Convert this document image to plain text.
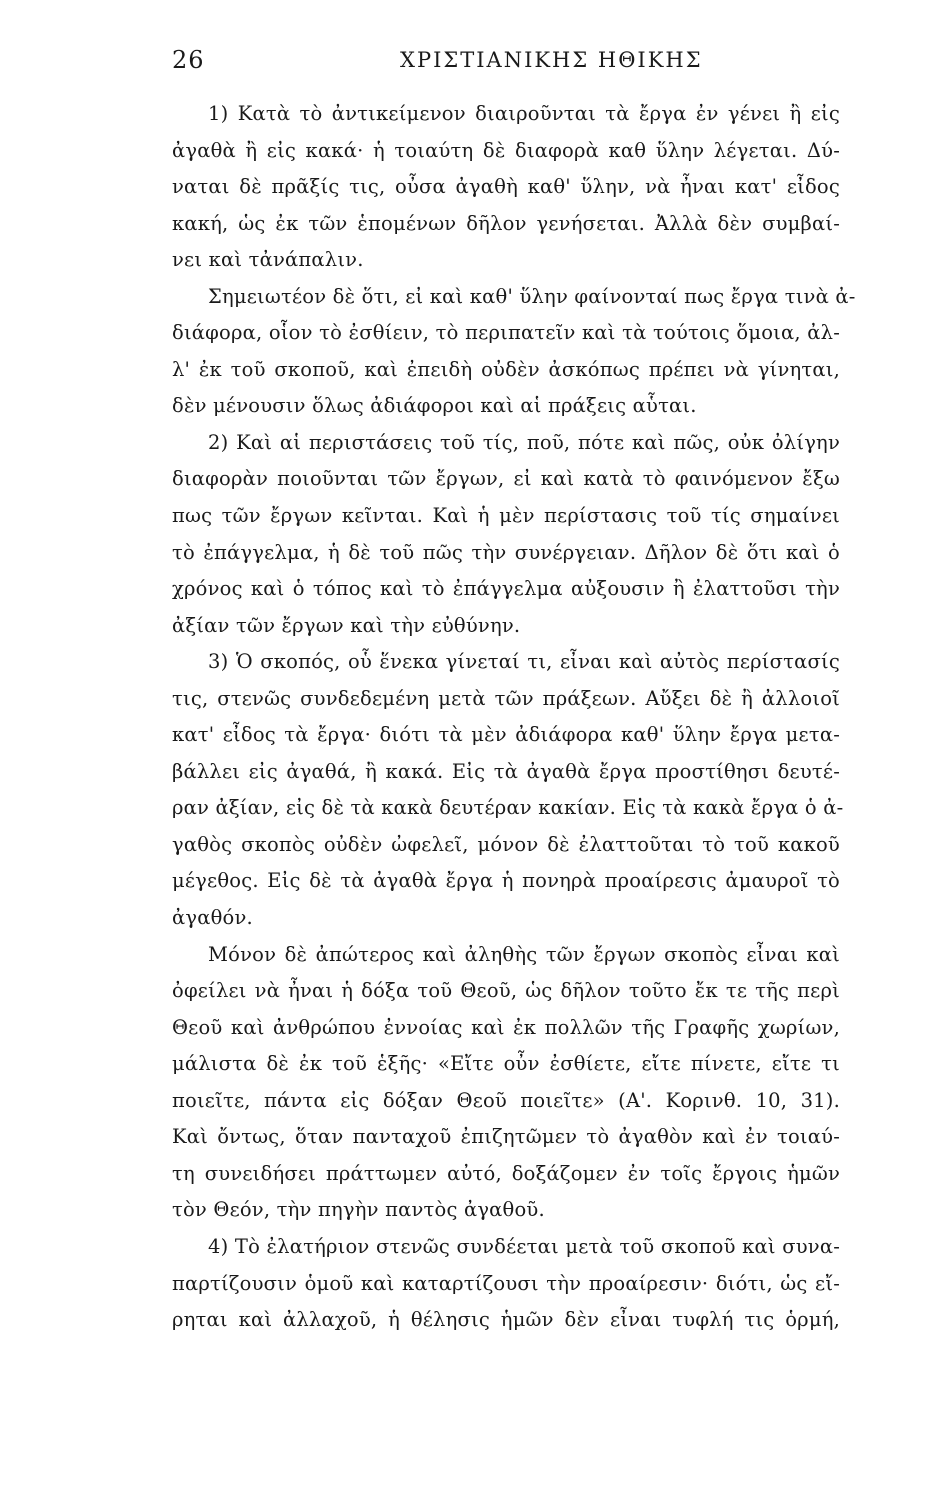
26	ΧΡΙΣΤΙΑΝΙΚΗΣ ΗΘΙΚΗΣ
1) Κατὰ τὸ ἀντικείμενον διαιροῦνται τὰ ἔργα ἐν γένει ἢ εἰς
ἀγαθὰ ἢ εἰς κακά· ἡ τοιαύτη δὲ διαφορὰ καθ ὕλην λέγεται. Δύ-
ναται δὲ πρᾶξίς τις, οὖσα ἀγαθὴ καθ' ὕλην, νὰ ἦναι κατ' εἶδος
κακή, ὡς ἐκ τῶν ἑπομένων δῆλον γενήσεται. Ἀλλὰ δὲν συμβαί-
νει καὶ τἀνάπαλιν.
Σημειωτέον δὲ ὅτι, εἰ καὶ καθ' ὕλην φαίνονταί πως ἔργα τινὰ ἀ-
διάφορα, οἷον τὸ ἐσθίειν, τὸ περιπατεῖν καὶ τὰ τούτοις ὅμοια, ἀλ-
λ' ἐκ τοῦ σκοποῦ, καὶ ἐπειδὴ οὐδὲν ἀσκόπως πρέπει νὰ γίνηται,
δὲν μένουσιν ὅλως ἀδιάφοροι καὶ αἱ πράξεις αὗται.
2) Καὶ αἱ περιστάσεις τοῦ τίς, ποῦ, πότε καὶ πῶς, οὐκ ὀλίγην
διαφορὰν ποιοῦνται τῶν ἔργων, εἰ καὶ κατὰ τὸ φαινόμενον ἔξω
πως τῶν ἔργων κεῖνται. Καὶ ἡ μὲν περίστασις τοῦ τίς σημαίνει
τὸ ἐπάγγελμα, ἡ δὲ τοῦ πῶς τὴν συνέργειαν. Δῆλον δὲ ὅτι καὶ ὁ
χρόνος καὶ ὁ τόπος καὶ τὸ ἐπάγγελμα αὐξουσιν ἢ ἐλαττοῦσι τὴν
ἀξίαν τῶν ἔργων καὶ τὴν εὐθύνην.
3) Ὁ σκοπός, οὗ ἕνεκα γίνεταί τι, εἶναι καὶ αὐτὸς περίστασίς
τις, στενῶς συνδεδεμένη μετὰ τῶν πράξεων. Αὔξει δὲ ἢ ἀλλοιοῖ
κατ' εἶδος τὰ ἔργα· διότι τὰ μὲν ἀδιάφορα καθ' ὕλην ἔργα μετα-
βάλλει εἰς ἀγαθά, ἢ κακά. Εἰς τὰ ἀγαθὰ ἔργα προστίθησι δευτέ-
ραν ἀξίαν, εἰς δὲ τὰ κακὰ δευτέραν κακίαν. Εἰς τὰ κακὰ ἔργα ὁ ἀ-
γαθὸς σκοπὸς οὐδὲν ὠφελεῖ, μόνον δὲ ἐλαττοῦται τὸ τοῦ κακοῦ
μέγεθος. Εἰς δὲ τὰ ἀγαθὰ ἔργα ἡ πονηρὰ προαίρεσις ἀμαυροῖ τὸ
ἀγαθόν.
Μόνον δὲ ἀπώτερος καὶ ἀληθὴς τῶν ἔργων σκοπὸς εἶναι καὶ
ὀφείλει νὰ ἦναι ἡ δόξα τοῦ Θεοῦ, ὡς δῆλον τοῦτο ἔκ τε τῆς περὶ
Θεοῦ καὶ ἀνθρώπου ἐννοίας καὶ ἐκ πολλῶν τῆς Γραφῆς χωρίων,
μάλιστα δὲ ἐκ τοῦ ἑξῆς· «Εἴτε οὖν ἐσθίετε, εἴτε πίνετε, εἴτε τι
ποιεῖτε, πάντα εἰς δόξαν Θεοῦ ποιεῖτε» (Α'. Κορινθ. 10, 31).
Καὶ ὄντως, ὅταν πανταχοῦ ἐπιζητῶμεν τὸ ἀγαθὸν καὶ ἐν τοιαύ-
τη συνειδήσει πράττωμεν αὐτό, δοξάζομεν ἐν τοῖς ἔργοις ἡμῶν
τὸν Θεόν, τὴν πηγὴν παντὸς ἀγαθοῦ.
4) Τὸ ἐλατήριον στενῶς συνδέεται μετὰ τοῦ σκοποῦ καὶ συνα-
παρτίζουσιν ὁμοῦ καὶ καταρτίζουσι τὴν προαίρεσιν· διότι, ὡς εἴ-
ρηται καὶ ἀλλαχοῦ, ἡ θέλησις ἡμῶν δὲν εἶναι τυφλή τις ὁρμή,
